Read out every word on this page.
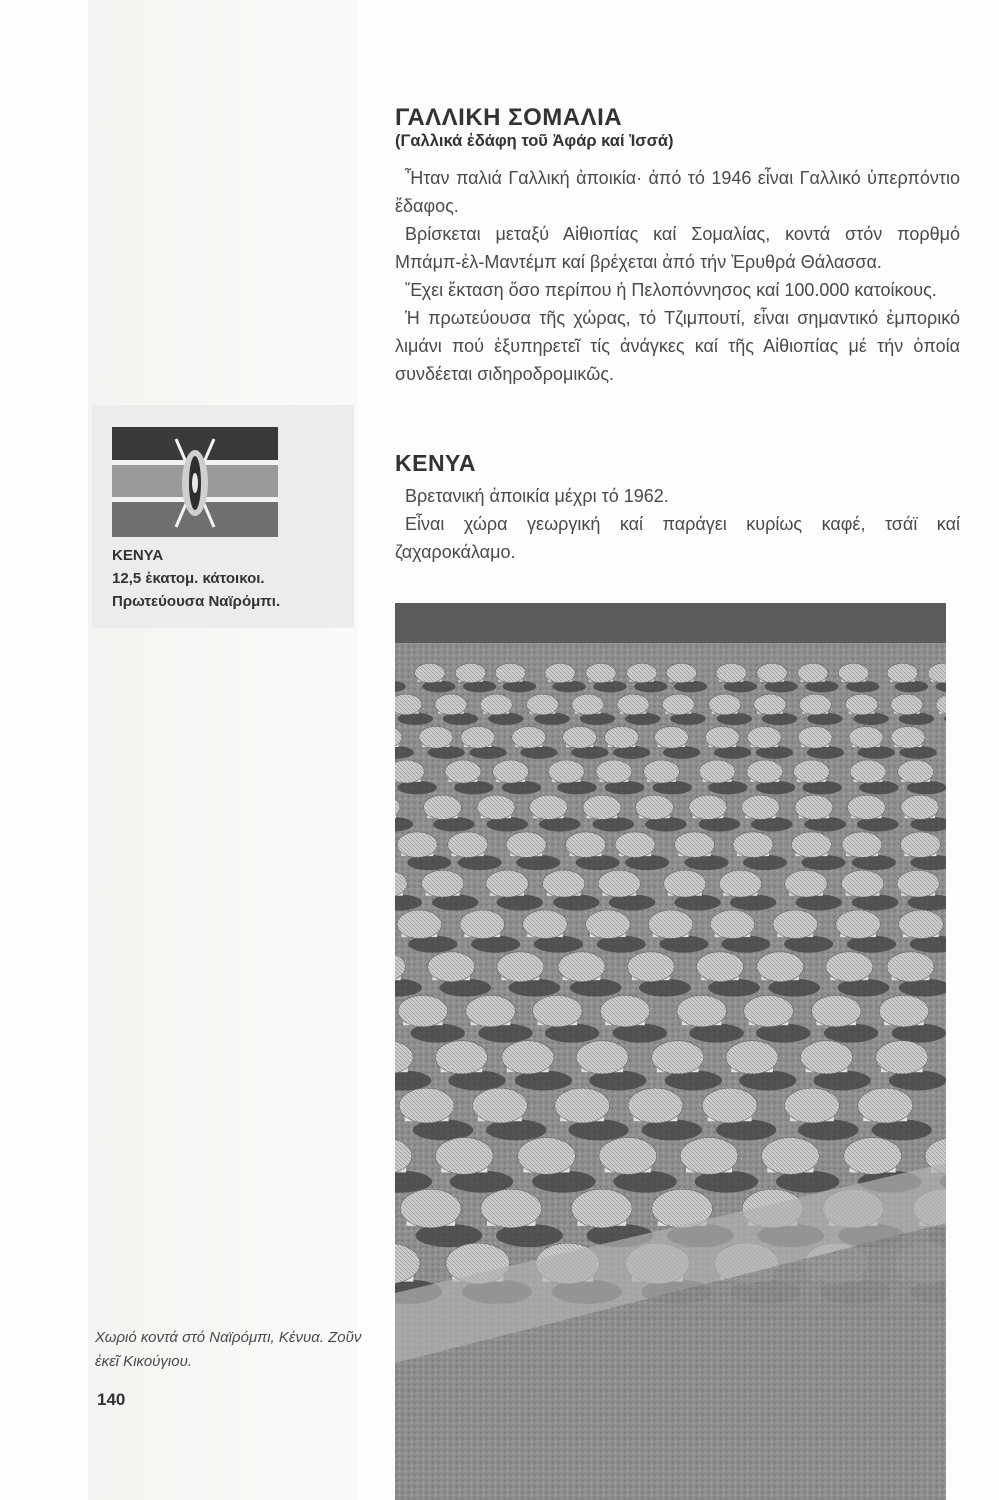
ΓΑΛΛΙΚΗ ΣΟΜΑΛΙΑ
(Γαλλικά ἐδάφη τοῦ Ἀφάρ καί Ἰσσά)

Ἦταν παλιά Γαλλική ἀποικία· ἀπό τό 1946 εἶναι Γαλλικό ὑπερπόντιο ἔδαφος.

Βρίσκεται μεταξύ Αἰθιοπίας καί Σομαλίας, κοντά στόν πορθμό Μπάμπ-ἐλ-Μαντέμπ καί βρέχεται ἀπό τήν Ἐρυθρά Θάλασσα.

Ἔχει ἔκταση ὅσο περίπου ἡ Πελοπόννησος καί 100.000 κατοίκους.

Ἡ πρωτεύουσα τῆς χώρας, τό Τζιμπουτί, εἶναι σημαντικό ἐμπορικό λιμάνι πού ἐξυπηρετεῖ τίς ἀνάγκες καί τῆς Αἰθιοπίας μέ τήν ὁποία συνδέεται σιδηροδρομικῶς.

ΚΕΝΥΑ

Βρετανική ἀποικία μέχρι τό 1962.

Εἶναι χώρα γεωργική καί παράγει κυρίως καφέ, τσάϊ καί ζαχαροκάλαμο.

ΚΕΝΥΑ
12,5 ἑκατομ. κάτοικοι.
Πρωτεύουσα Ναϊρόμπι.

Χωριό κοντά στό Ναϊρόμπι, Κένυα. Ζοῦν ἐκεῖ Κικούγιου.

140
